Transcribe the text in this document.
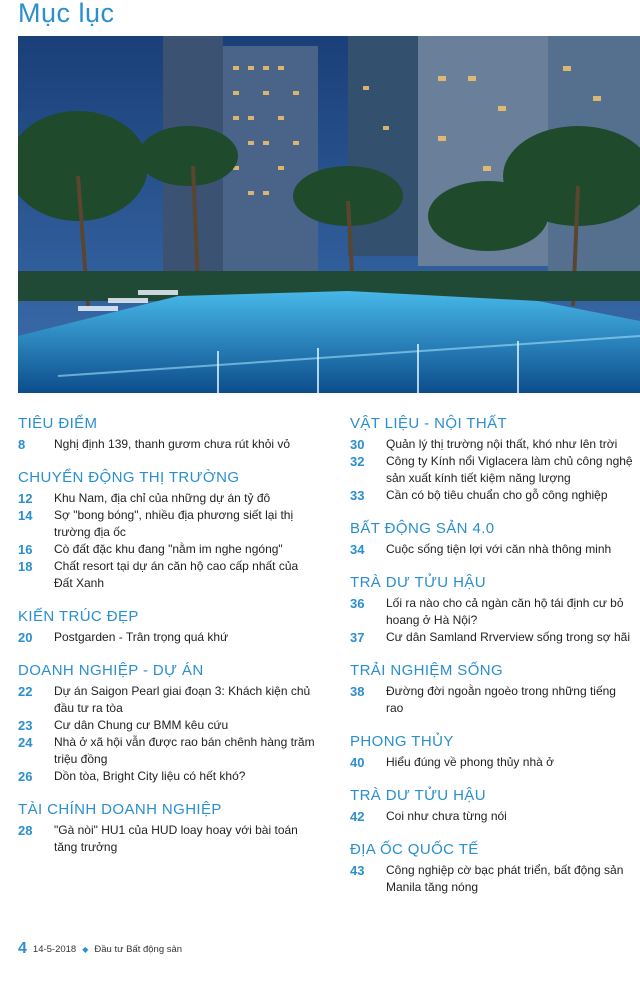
Mục lục
TIÊU ĐIỂM
8	Nghị định 139, thanh gươm chưa rút khỏi vỏ
CHUYỂN ĐỘNG THỊ TRƯỜNG
12	Khu Nam, địa chỉ của những dự án tỷ đô
14	Sợ "bong bóng", nhiều địa phương siết lại thị trường địa ốc
16	Cò đất đặc khu đang "nằm im nghe ngóng"
18	Chất resort tại dự án căn hộ cao cấp nhất của Đất Xanh
KIẾN TRÚC ĐẸP
20	Postgarden - Trân trọng quá khứ
DOANH NGHIỆP - DỰ ÁN
22	Dự án Saigon Pearl giai đoạn 3: Khách kiện chủ đầu tư ra tòa
23	Cư dân Chung cư BMM kêu cứu
24	Nhà ở xã hội vẫn được rao bán chênh hàng trăm triệu đồng
26	Dồn tòa, Bright City liệu có hết khó?
TÀI CHÍNH DOANH NGHIỆP
28	"Gà nòi" HU1 của HUD loay hoay với bài toán tăng trưởng
VẬT LIỆU - NỘI THẤT
30	Quản lý thị trường nội thất, khó như lên trời
32	Công ty Kính nổi Viglacera làm chủ công nghệ sản xuất kính tiết kiệm năng lượng
33	Cần có bộ tiêu chuẩn cho gỗ công nghiệp
BẤT ĐỘNG SẢN 4.0
34	Cuộc sống tiện lợi với căn nhà thông minh
TRÀ DƯ TỬU HẬU
36	Lối ra nào cho cả ngàn căn hộ tái định cư bỏ hoang ở Hà Nội?
37	Cư dân Samland Rrverview sống trong sợ hãi
TRẢI NGHIỆM SỐNG
38	Đường đời ngoằn ngoèo trong những tiếng rao
PHONG THỦY
40	Hiểu đúng về phong thủy nhà ở
TRÀ DƯ TỬU HẬU
42	Coi như chưa từng nói
ĐỊA ỐC QUỐC TẾ
43	Công nghiệp cờ bạc phát triển, bất động sản Manila tăng nóng
4 14-5-2018 ◆ Đầu tư Bất động sản
